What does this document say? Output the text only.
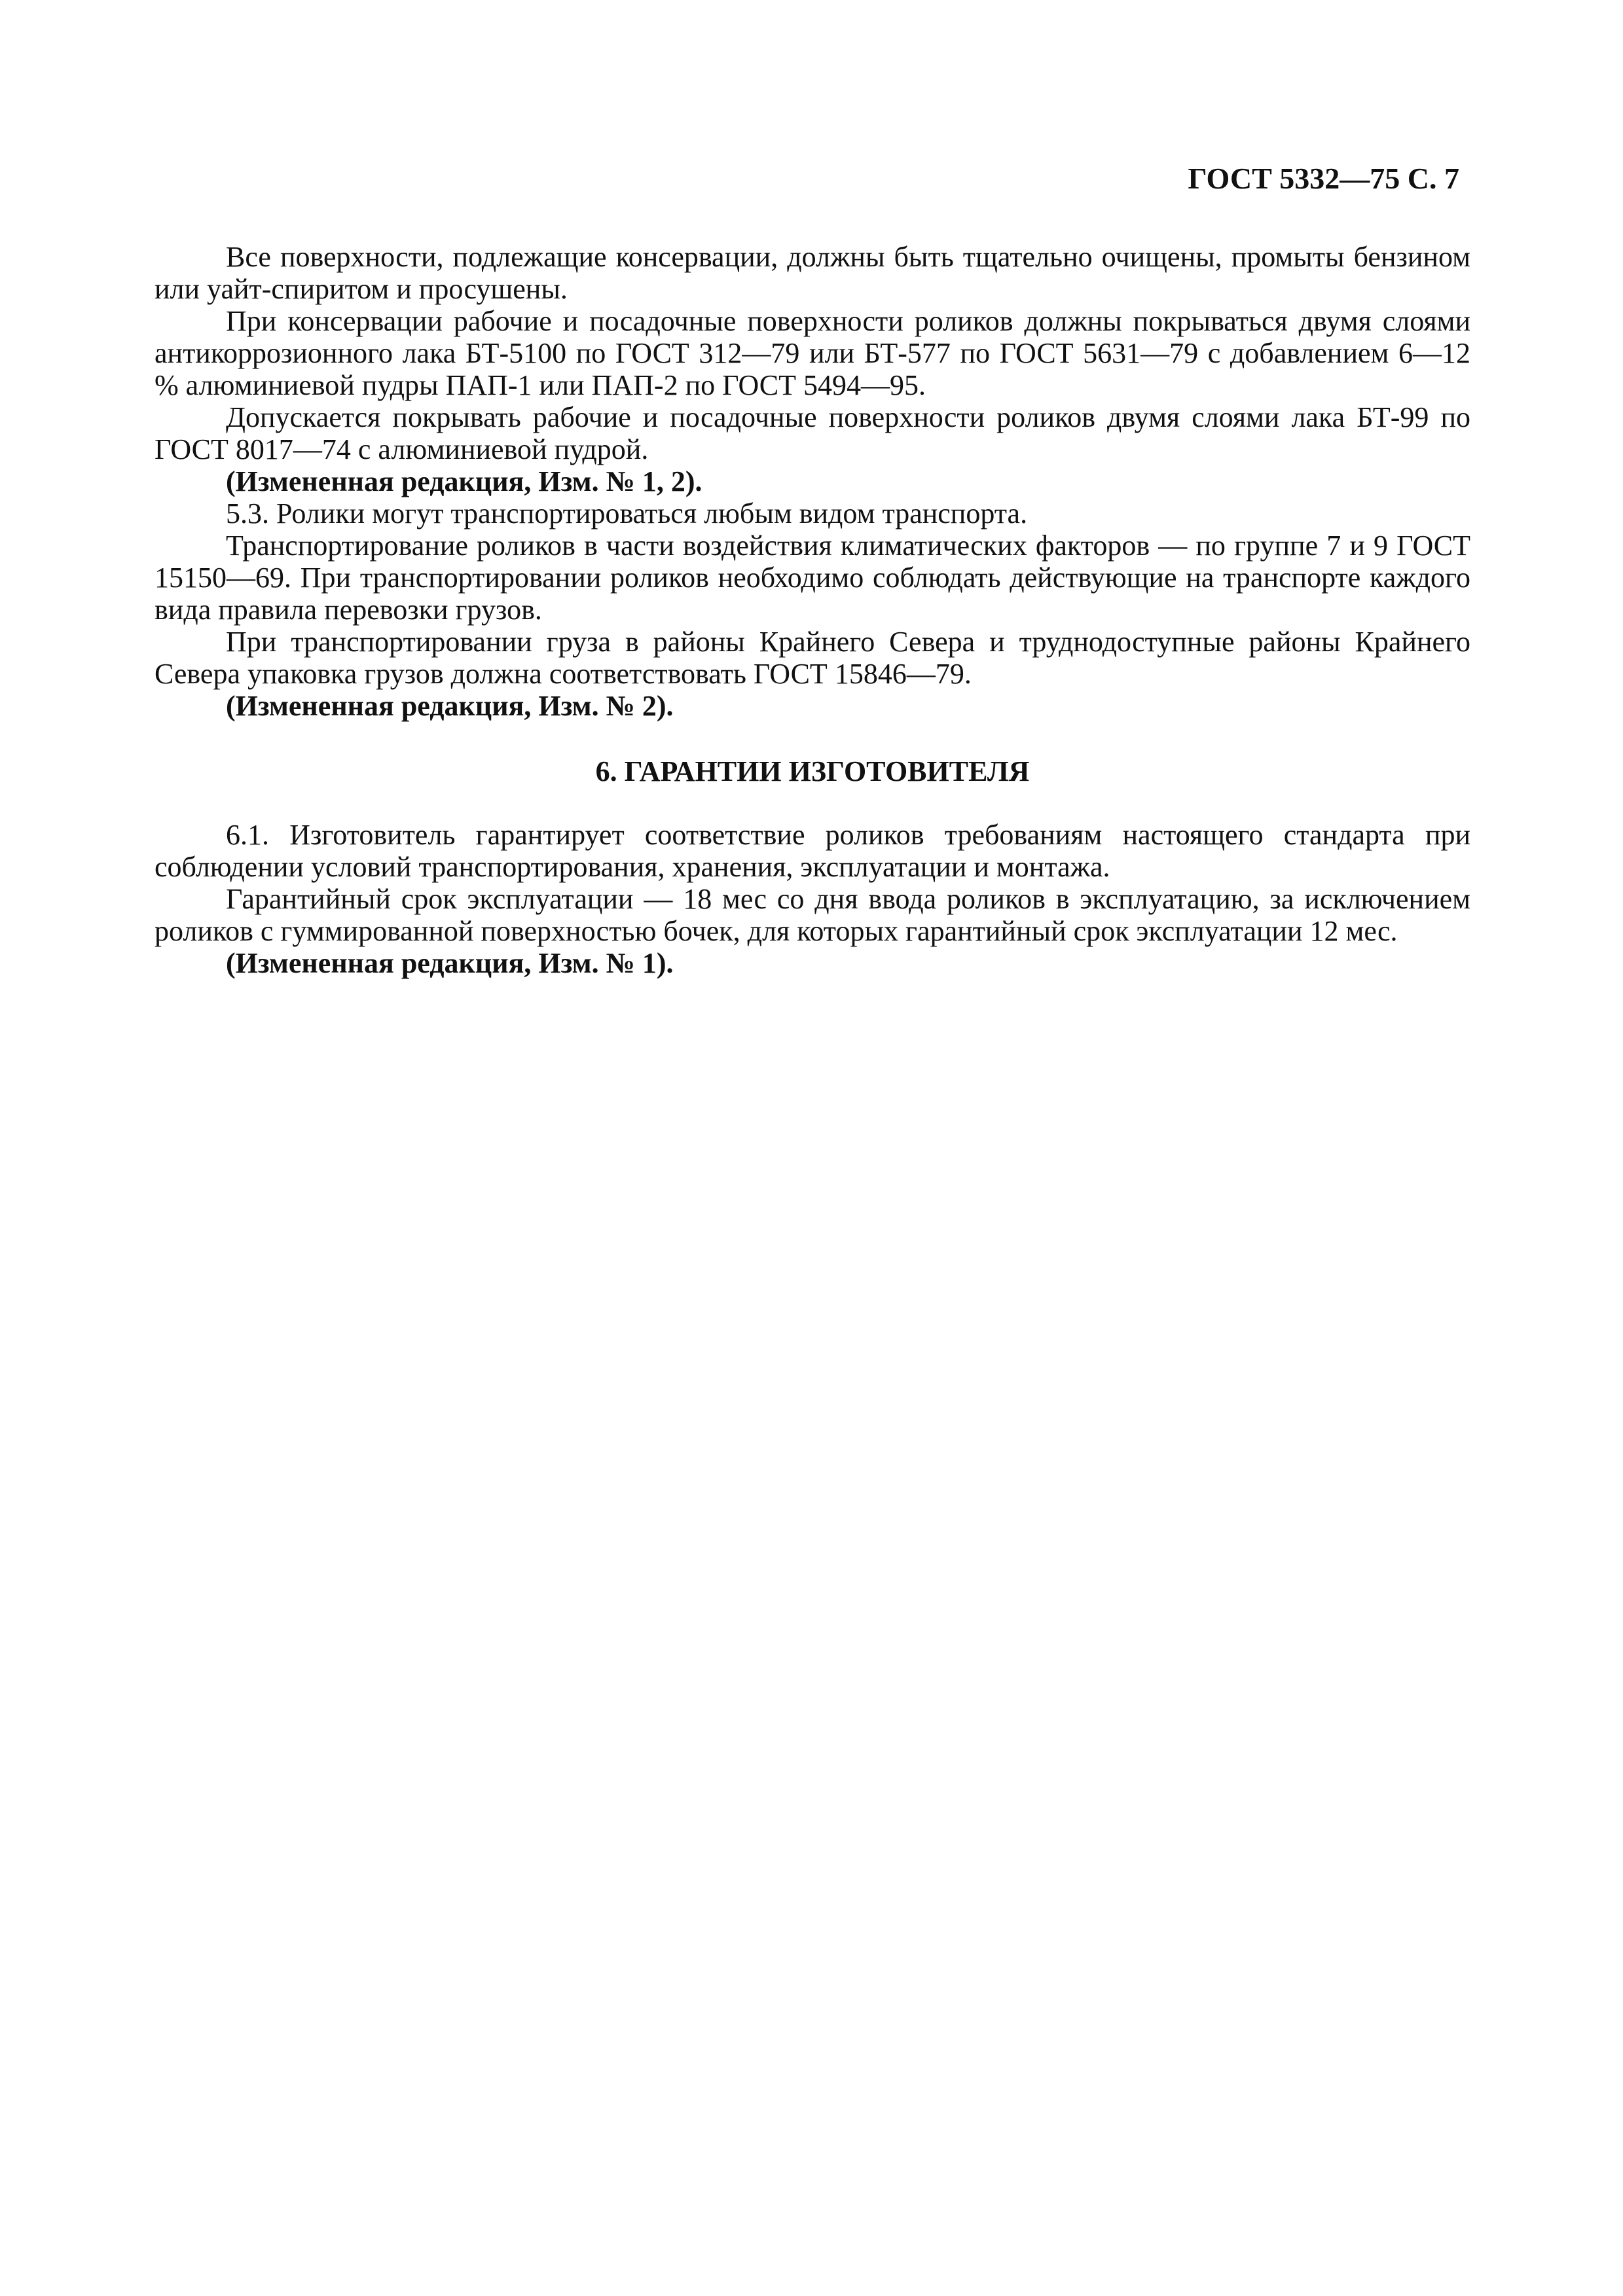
ГОСТ 5332—75 С. 7

Все поверхности, подлежащие консервации, должны быть тщательно очищены, промыты бензином или уайт-спиритом и просушены.

При консервации рабочие и посадочные поверхности роликов должны покрываться двумя слоями антикоррозионного лака БТ-5100 по ГОСТ 312—79 или БТ-577 по ГОСТ 5631—79 с добавлением 6—12 % алюминиевой пудры ПАП-1 или ПАП-2 по ГОСТ 5494—95.

Допускается покрывать рабочие и посадочные поверхности роликов двумя слоями лака БТ-99 по ГОСТ 8017—74 с алюминиевой пудрой.

(Измененная редакция, Изм. № 1, 2).

5.3. Ролики могут транспортироваться любым видом транспорта.

Транспортирование роликов в части воздействия климатических факторов — по группе 7 и 9 ГОСТ 15150—69. При транспортировании роликов необходимо соблюдать действующие на транспорте каждого вида правила перевозки грузов.

При транспортировании груза в районы Крайнего Севера и труднодоступные районы Крайнего Севера упаковка грузов должна соответствовать ГОСТ 15846—79.

(Измененная редакция, Изм. № 2).

6. ГАРАНТИИ ИЗГОТОВИТЕЛЯ

6.1. Изготовитель гарантирует соответствие роликов требованиям настоящего стандарта при соблюдении условий транспортирования, хранения, эксплуатации и монтажа.

Гарантийный срок эксплуатации — 18 мес со дня ввода роликов в эксплуатацию, за исключением роликов с гуммированной поверхностью бочек, для которых гарантийный срок эксплуатации 12 мес.

(Измененная редакция, Изм. № 1).
